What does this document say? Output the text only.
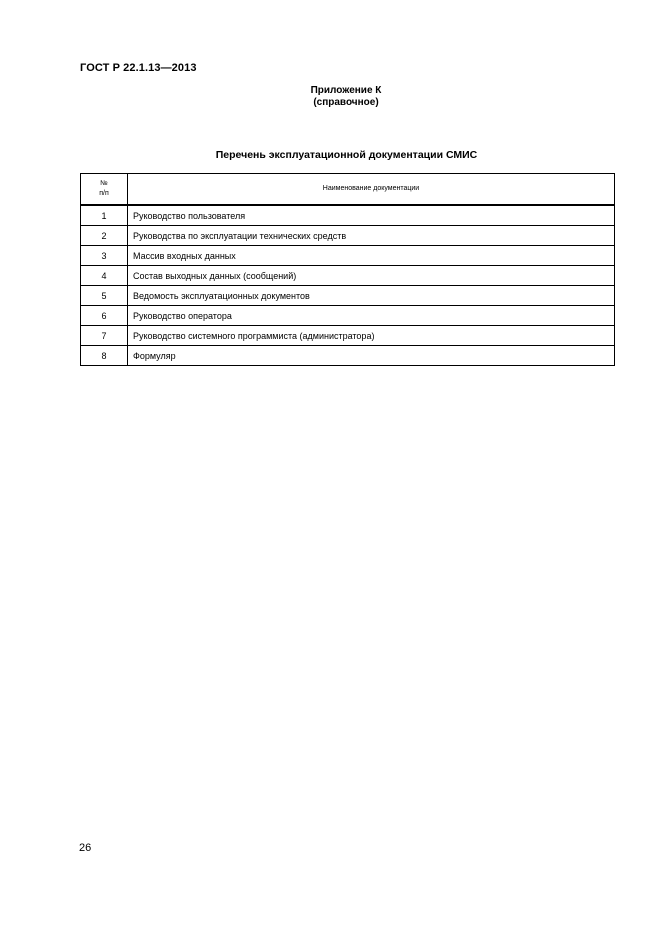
ГОСТ Р 22.1.13—2013
Приложение К
(справочное)
Перечень эксплуатационной документации СМИС
№
п/п	Наименование документации
1	Руководство пользователя
2	Руководства по эксплуатации технических средств
3	Массив входных данных
4	Состав выходных данных (сообщений)
5	Ведомость эксплуатационных документов
6	Руководство оператора
7	Руководство системного программиста (администратора)
8	Формуляр
26
